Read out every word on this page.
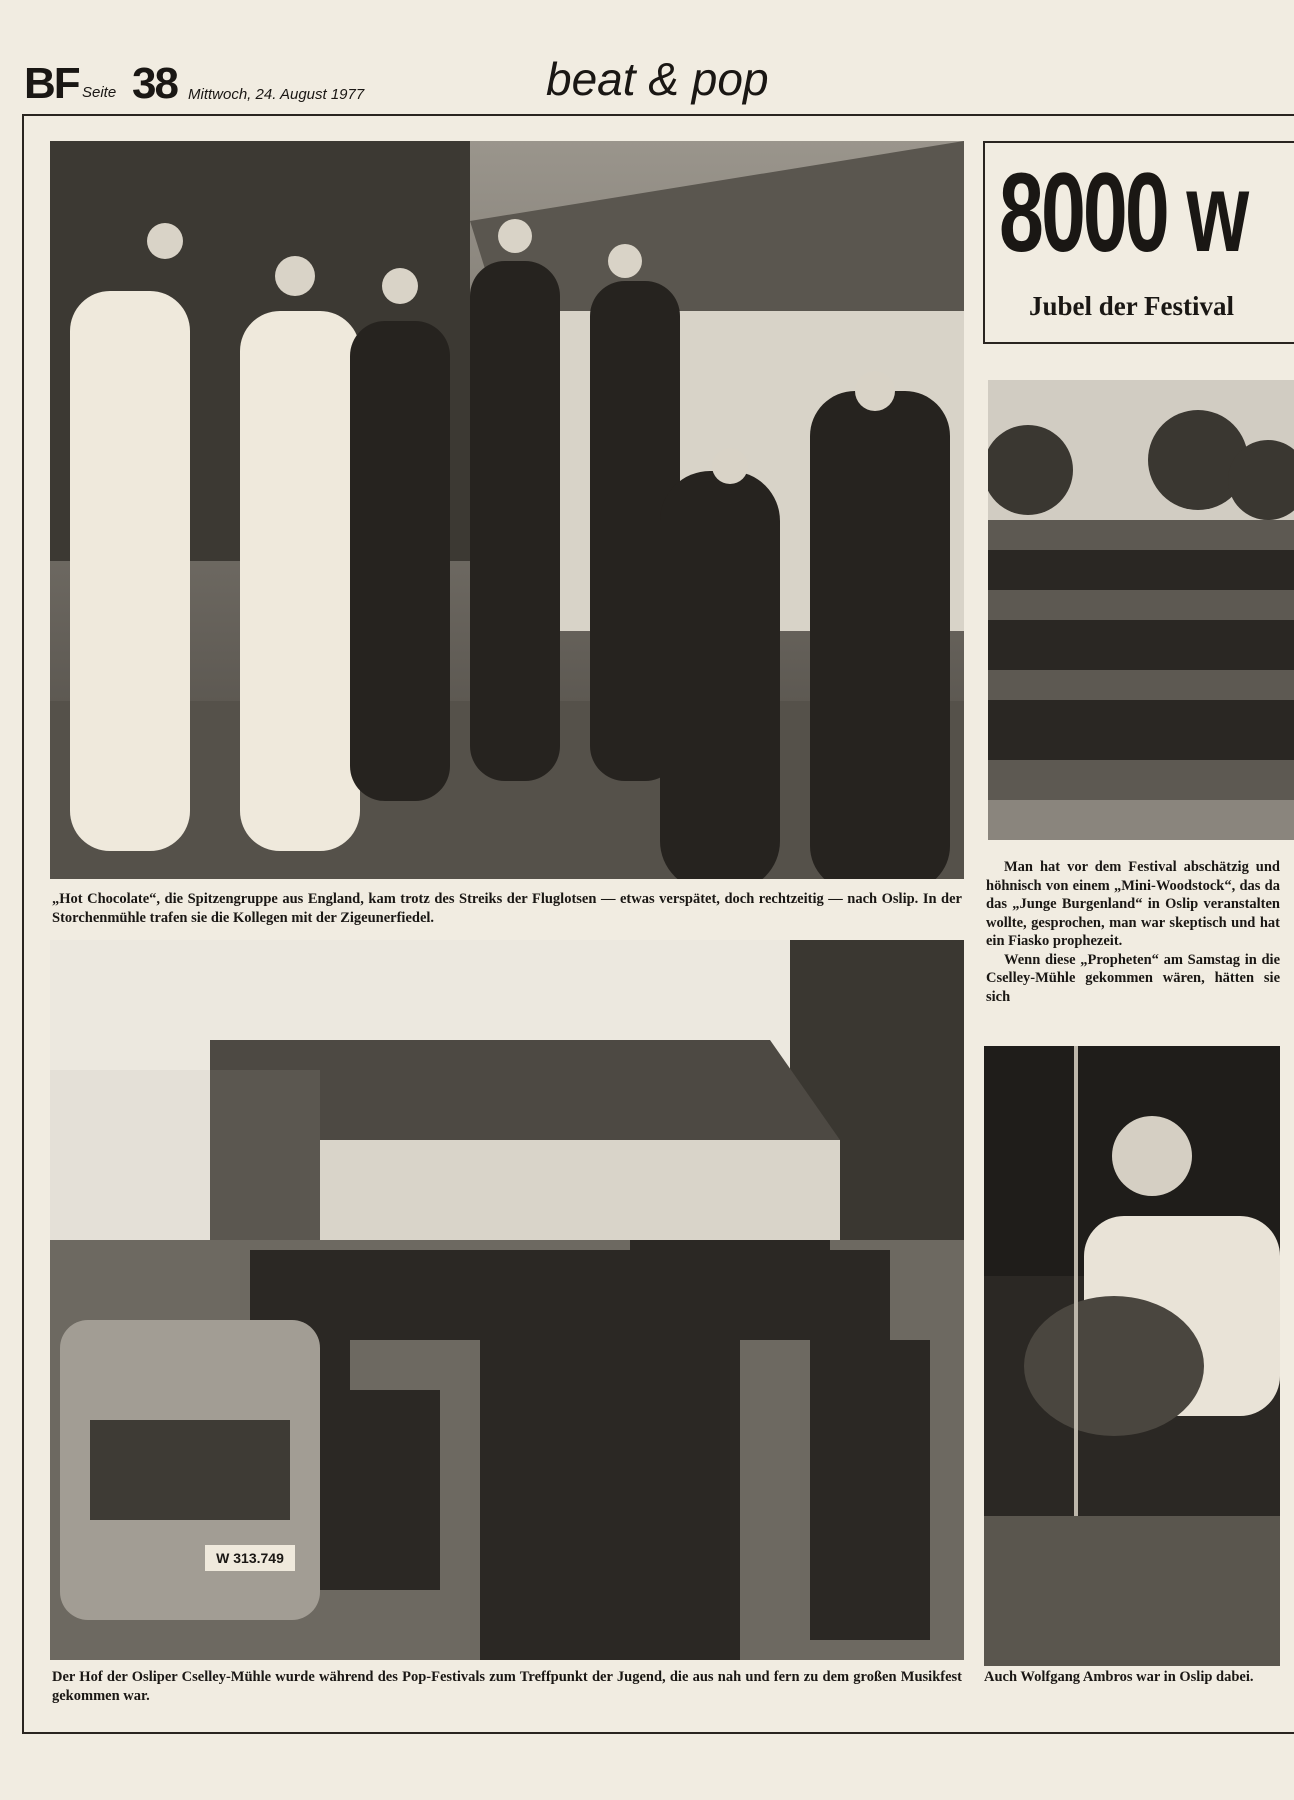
BF Seite 38 Mittwoch, 24. August 1977	beat & pop
„Hot Chocolate“, die Spitzengruppe aus England, kam trotz des Streiks der Fluglotsen — etwas verspätet, doch rechtzeitig — nach Oslip. In der Storchenmühle trafen sie die Kollegen mit der Zigeunerfiedel.
W 313.749
Der Hof der Osliper Cselley-Mühle wurde während des Pop-Festivals zum Treffpunkt der Jugend, die aus nah und fern zu dem großen Musikfest gekommen war.
8000 w
Jubel der Festival

Man hat vor dem Festival abschätzig und höhnisch von einem „Mini-Woodstock“, das da das „Junge Burgenland“ in Oslip veranstalten wollte, gesprochen, man war skeptisch und hat ein Fiasko prophezeit.

Wenn diese „Propheten“ am Samstag in die Cselley-Mühle gekommen wären, hätten sie sich

Auch Wolfgang Ambros war in Oslip dabei.
